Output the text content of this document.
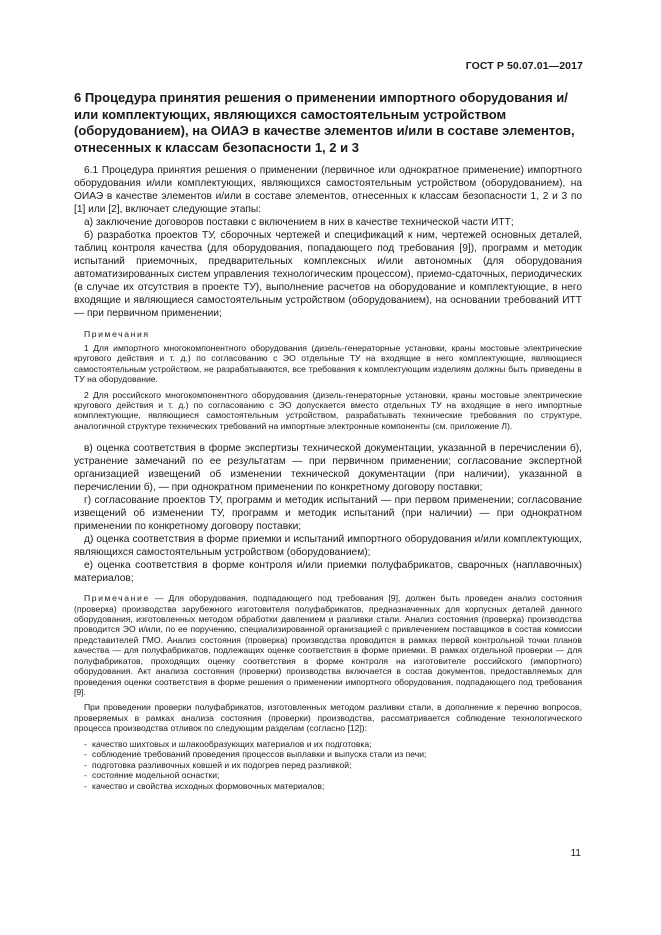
ГОСТ Р 50.07.01—2017
6 Процедура принятия решения о применении импортного оборудования и/или комплектующих, являющихся самостоятельным устройством (оборудованием), на ОИАЭ в качестве элементов и/или в составе элементов, отнесенных к классам безопасности 1, 2 и 3

6.1 Процедура принятия решения о применении (первичное или однократное применение) импортного оборудования и/или комплектующих, являющихся самостоятельным устройством (оборудованием), на ОИАЭ в качестве элементов и/или в составе элементов, отнесенных к классам безопасности 1, 2 и 3 по [1] или [2], включает следующие этапы:

а) заключение договоров поставки с включением в них в качестве технической части ИТТ;

б) разработка проектов ТУ, сборочных чертежей и спецификаций к ним, чертежей основных деталей, таблиц контроля качества (для оборудования, попадающего под требования [9]), программ и методик испытаний приемочных, предварительных комплексных и/или автономных (для оборудования автоматизированных систем управления технологическим процессом), приемо-сдаточных, периодических (в случае их отсутствия в проекте ТУ), выполнение расчетов на оборудование и комплектующие, в него входящие и являющиеся самостоятельным устройством (оборудованием), на основании требований ИТТ — при первичном применении;

Примечания

1 Для импортного многокомпонентного оборудования (дизель-генераторные установки, краны мостовые электрические кругового действия и т. д.) по согласованию с ЭО отдельные ТУ на входящие в него комплектующие, являющиеся самостоятельным устройством, не разрабатываются, все требования к комплектующим изделиям должны быть приведены в ТУ на оборудование.

2 Для российского многокомпонентного оборудования (дизель-генераторные установки, краны мостовые электрические кругового действия и т. д.) по согласованию с ЭО допускается вместо отдельных ТУ на входящие в него импортные комплектующие, являющиеся самостоятельным устройством, разрабатывать технические требования по структуре, аналогичной структуре технических требований на импортные электронные компоненты (см. приложение Л).

в) оценка соответствия в форме экспертизы технической документации, указанной в перечислении б), устранение замечаний по ее результатам — при первичном применении; согласование экспертной организацией извещений об изменении технической документации (при наличии), указанной в перечислении б), — при однократном применении по конкретному договору поставки;

г) согласование проектов ТУ, программ и методик испытаний — при первом применении; согласование извещений об изменении ТУ, программ и методик испытаний (при наличии) — при однократном применении по конкретному договору поставки;

д) оценка соответствия в форме приемки и испытаний импортного оборудования и/или комплектующих, являющихся самостоятельным устройством (оборудованием);

е) оценка соответствия в форме контроля и/или приемки полуфабрикатов, сварочных (наплавочных) материалов;

Примечание — Для оборудования, подпадающего под требования [9], должен быть проведен анализ состояния (проверка) производства зарубежного изготовителя полуфабрикатов, предназначенных для корпусных деталей данного оборудования, изготовленных методом обработки давлением и разливки стали. Анализ состояния (проверка) производства проводится ЭО и/или, по ее поручению, специализированной организацией с привлечением поставщиков в состав комиссии представителей ГМО. Анализ состояния (проверка) производства проводится в рамках первой контрольной точки планов качества — для полуфабрикатов, подлежащих оценке соответствия в форме приемки. В рамках отдельной проверки — для полуфабрикатов, проходящих оценку соответствия в форме контроля на изготовителе российского (импортного) оборудования. Акт анализа состояния (проверки) производства включается в состав документов, предоставляемых для проведения оценки соответствия в форме решения о применении импортного оборудования, подпадающего под требования [9].

При проведении проверки полуфабрикатов, изготовленных методом разливки стали, в дополнение к перечню вопросов, проверяемых в рамках анализа состояния (проверки) производства, рассматривается соблюдение технологического процесса производства отливок по следующим разделам (согласно [12]):

- качество шихтовых и шлакообразующих материалов и их подготовка;
- соблюдение требований проведения процессов выплавки и выпуска стали из печи;
- подготовка разливочных ковшей и их подогрев перед разливкой;
- состояние модельной оснастки;
- качество и свойства исходных формовочных материалов;
11
